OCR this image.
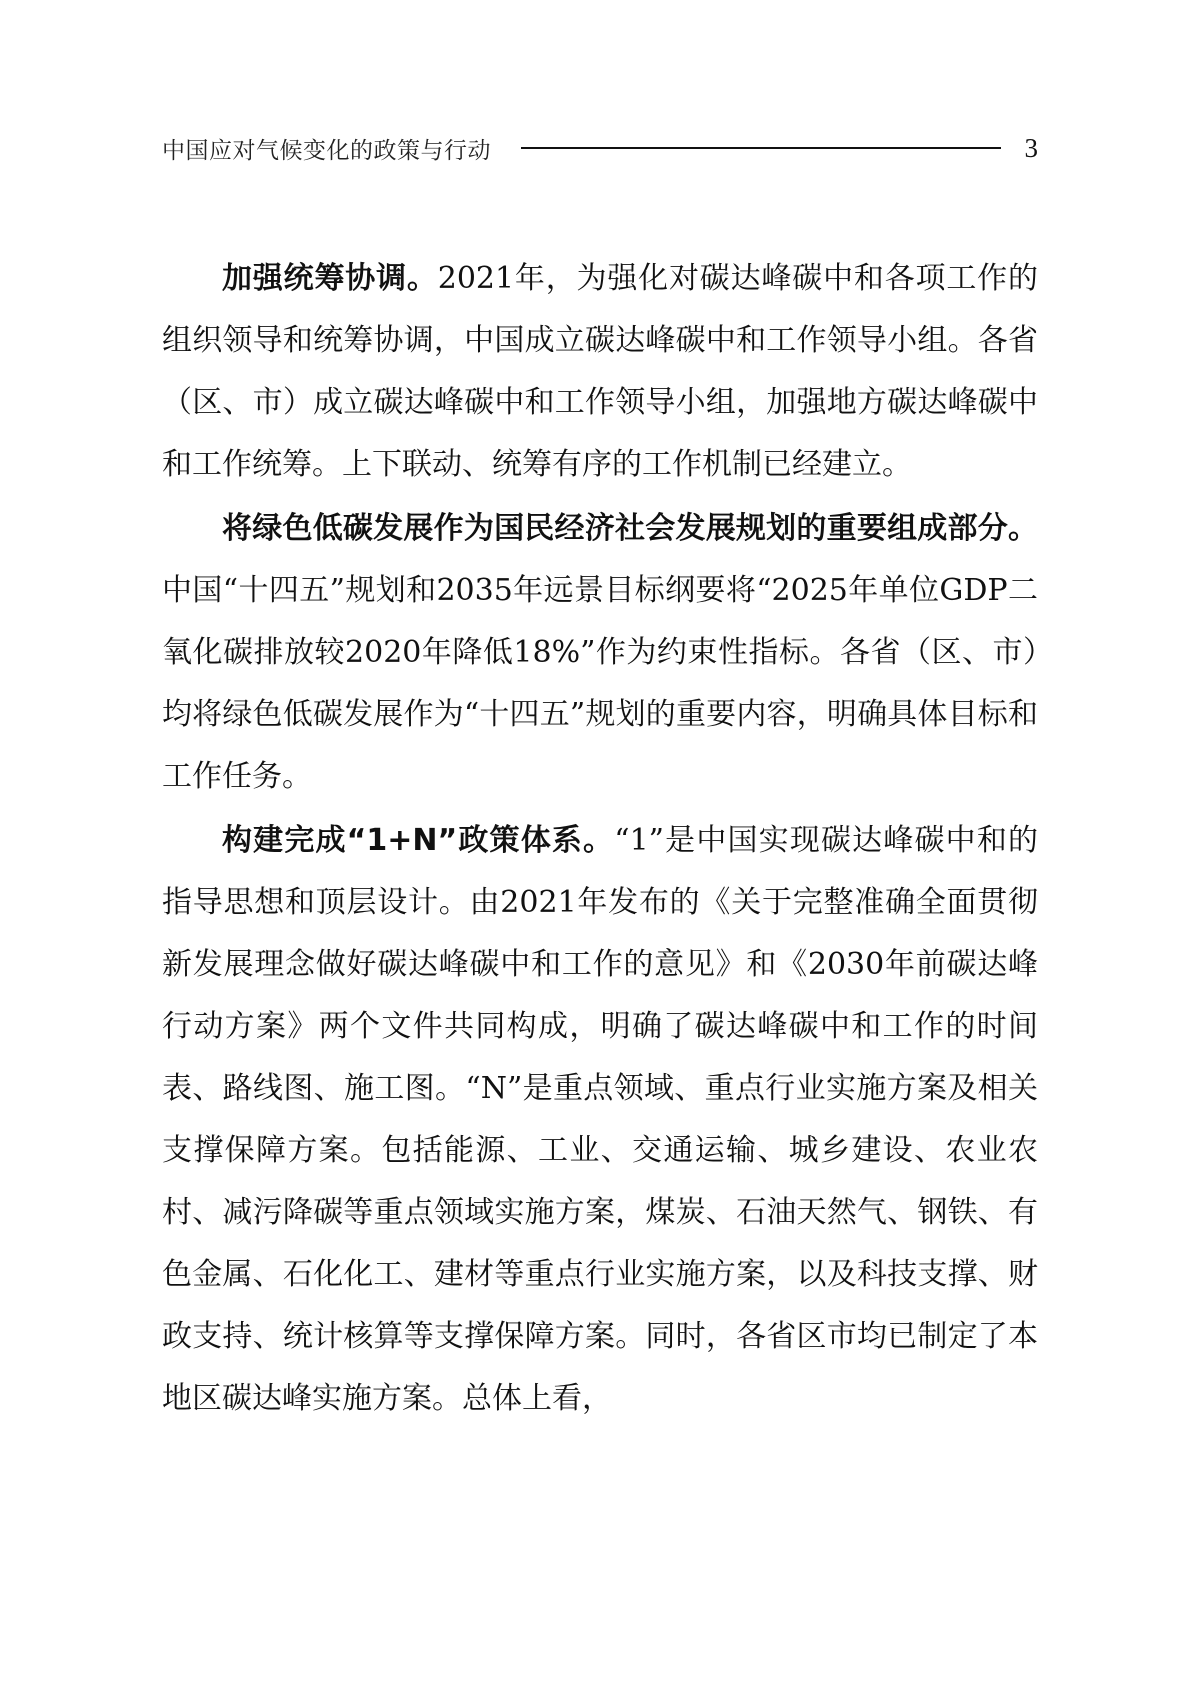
中国应对气候变化的政策与行动	3

加强统筹协调。2021年，为强化对碳达峰碳中和各项工作的组织领导和统筹协调，中国成立碳达峰碳中和工作领导小组。各省（区、市）成立碳达峰碳中和工作领导小组，加强地方碳达峰碳中和工作统筹。上下联动、统筹有序的工作机制已经建立。

将绿色低碳发展作为国民经济社会发展规划的重要组成部分。中国“十四五”规划和2035年远景目标纲要将“2025年单位GDP二氧化碳排放较2020年降低18%”作为约束性指标。各省（区、市）均将绿色低碳发展作为“十四五”规划的重要内容，明确具体目标和工作任务。

构建完成“1+N”政策体系。“1”是中国实现碳达峰碳中和的指导思想和顶层设计。由2021年发布的《关于完整准确全面贯彻新发展理念做好碳达峰碳中和工作的意见》和《2030年前碳达峰行动方案》两个文件共同构成，明确了碳达峰碳中和工作的时间表、路线图、施工图。“N”是重点领域、重点行业实施方案及相关支撑保障方案。包括能源、工业、交通运输、城乡建设、农业农村、减污降碳等重点领域实施方案，煤炭、石油天然气、钢铁、有色金属、石化化工、建材等重点行业实施方案，以及科技支撑、财政支持、统计核算等支撑保障方案。同时，各省区市均已制定了本地区碳达峰实施方案。总体上看，
